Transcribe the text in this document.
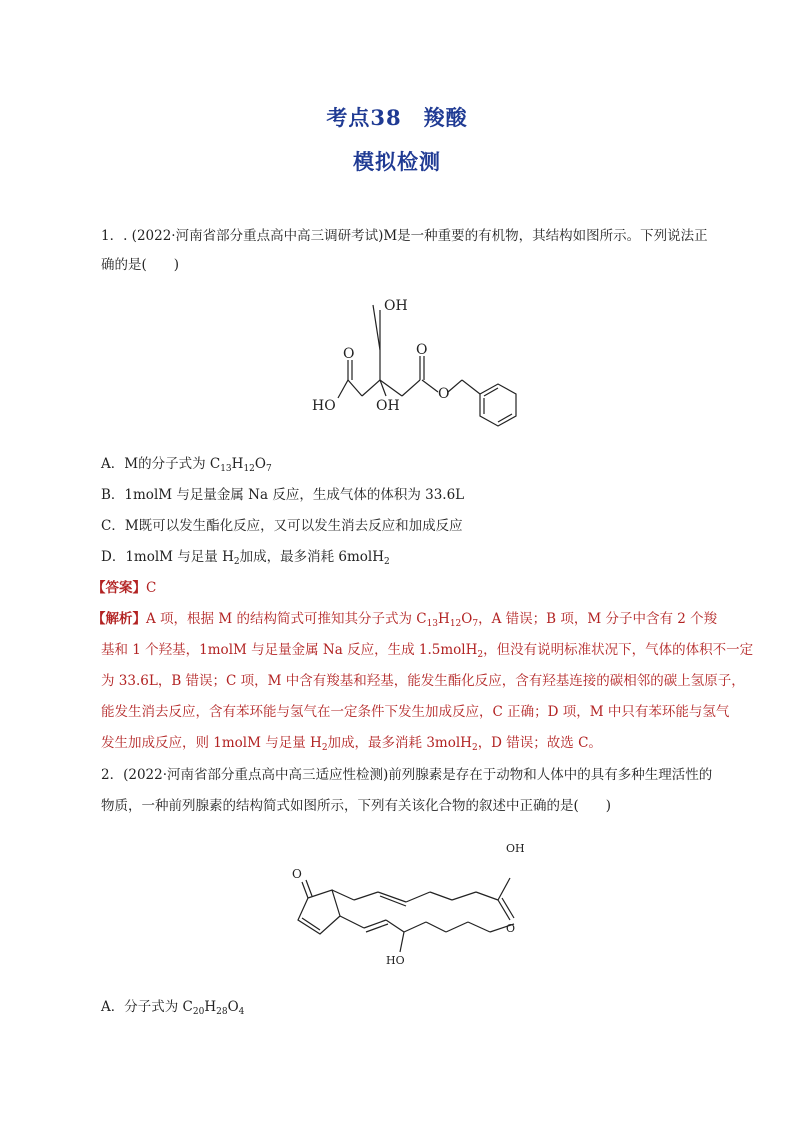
考点38　羧酸
模拟检测
1．. (2022·河南省部分重点高中高三调研考试)M是一种重要的有机物，其结构如图所示。下列说法正
确的是(　　)
OH
O	O
HO	OH
O
A．M的分子式为 $C_{13}H_{12}O_7$
B．1molM 与足量金属 Na 反应，生成气体的体积为 33.6L
C．M既可以发生酯化反应，又可以发生消去反应和加成反应
D．1molM 与足量 $H_2$加成，最多消耗 6molH$_2$
【答案】C
【解析】A 项，根据 M 的结构简式可推知其分子式为 $C_{13}H_{12}O_7$，A 错误；B 项，M 分子中含有 2 个羧
基和 1 个羟基，1molM 与足量金属 Na 反应，生成 1.5molH$_2$，但没有说明标准状况下，气体的体积不一定
为 33.6L，B 错误；C 项，M 中含有羧基和羟基，能发生酯化反应，含有羟基连接的碳相邻的碳上氢原子，
能发生消去反应，含有苯环能与氢气在一定条件下发生加成反应，C 正确；D 项，M 中只有苯环能与氢气
发生加成反应，则 1molM 与足量 $H_2$加成，最多消耗 3molH$_2$，D 错误；故选 C。
2．(2022·河南省部分重点高中高三适应性检测)前列腺素是存在于动物和人体中的具有多种生理活性的
物质，一种前列腺素的结构简式如图所示，下列有关该化合物的叙述中正确的是(　　)
OH
O
O
HO
A．分子式为 $C_{20}H_{28}O_4$
